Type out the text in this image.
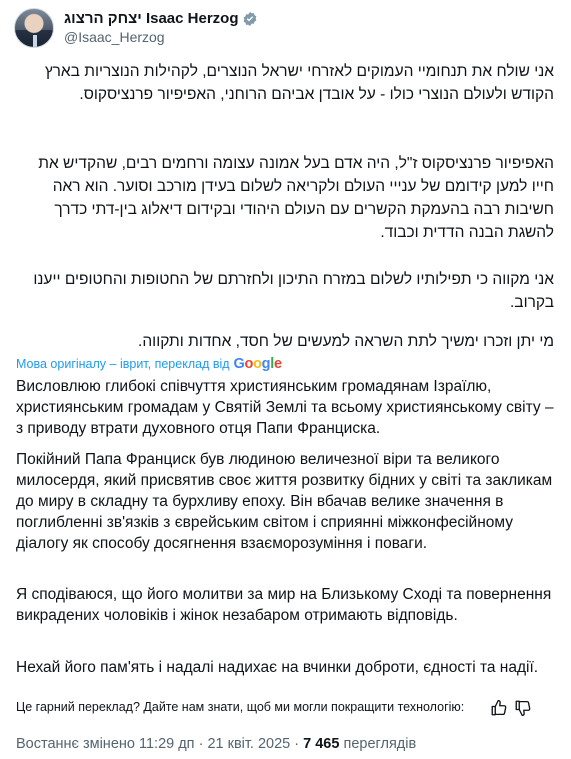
יצחק הרצוג
Isaac Herzog
@Isaac_Herzog
אני שולח את תנחומיי העמוקים לאזרחי ישראל הנוצרים, לקהילות הנוצריות בארץ הקודש ולעולם הנוצרי כולו - על אובדן אביהם הרוחני, האפיפיור פרנציסקוס.
האפיפיור פרנציסקוס ז"ל, היה אדם בעל אמונה עצומה ורחמים רבים, שהקדיש את חייו למען קידומם של ענייי העולם ולקריאה לשלום בעידן מורכב וסוער. הוא ראה חשיבות רבה בהעמקת הקשרים עם העולם היהודי ובקידום דיאלוג בין-דתי כדרך להשגת הבנה הדדית וכבוד.
אני מקווה כי תפילותיו לשלום במזרח התיכון ולחזרתם של החטופות והחטופים ייענו בקרוב.
מי יתן וזכרו ימשיך לתת השראה למעשים של חסד, אחדות ותקווה.
Мова оригіналу – іврит, переклад від Google
Висловлюю глибокі співчуття християнським громадянам Ізраїлю, християнським громадам у Святій Землі та всьому християнському світу – з приводу втрати духовного отця Папи Франциска.
Покійний Папа Франциск був людиною величезної віри та великого милосердя, який присвятив своє життя розвитку бідних у світі та закликам до миру в складну та бурхливу епоху. Він вбачав велике значення в поглибленні зв'язків з єврейським світом і сприянні міжконфесійному діалогу як способу досягнення взаєморозуміння і поваги.
Я сподіваюся, що його молитви за мир на Близькому Сході та повернення викрадених чоловіків і жінок незабаром отримають відповідь.
Нехай його пам'ять і надалі надихає на вчинки доброти, єдності та надії.
Це гарний переклад? Дайте нам знати, щоб ми могли покращити технологію:
Востаннє змінено 11:29 дп · 21 квіт. 2025 · 7 465 переглядів
